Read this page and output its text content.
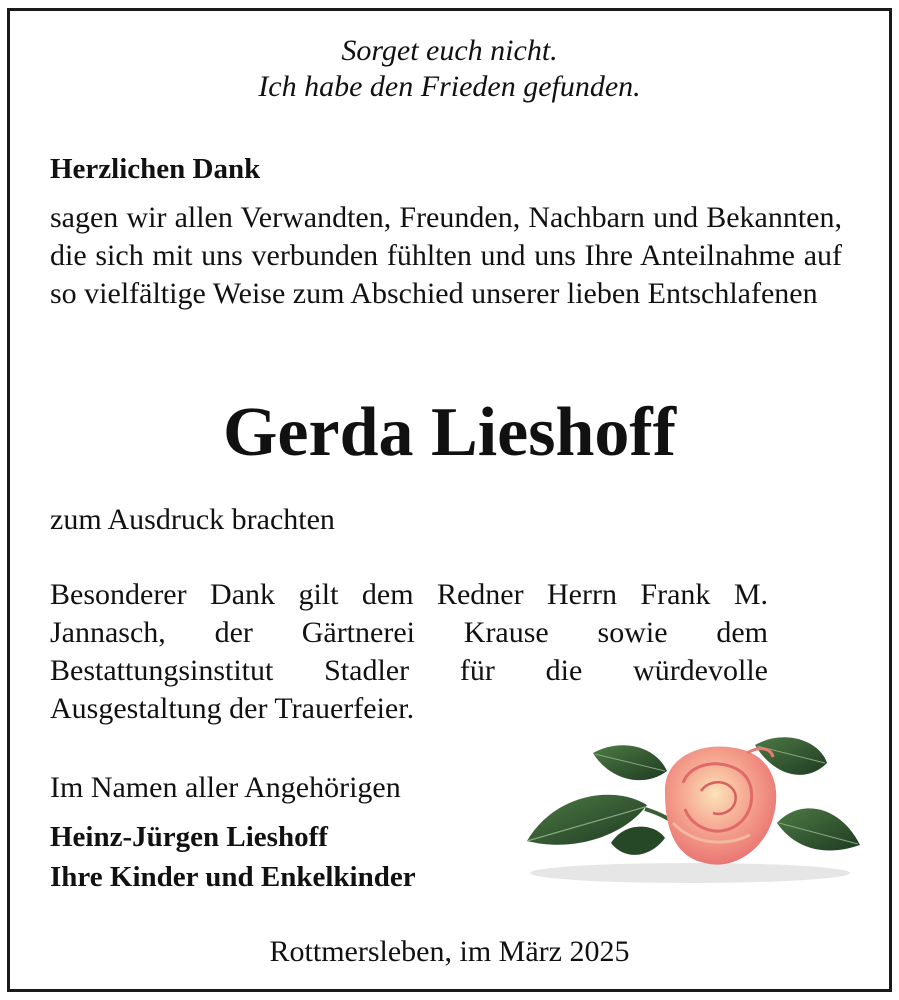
Sorget euch nicht.
Ich habe den Frieden gefunden.
Herzlichen Dank
sagen wir allen Verwandten, Freunden, Nachbarn und Bekannten, die sich mit uns verbunden fühlten und uns Ihre Anteilnahme auf so vielfältige Weise zum Abschied unserer lieben Entschlafenen
Gerda Lieshoff
zum Ausdruck brachten
Besonderer Dank gilt dem Redner Herrn Frank M. Jannasch, der Gärtnerei Krause sowie dem Bestattungsinstitut Stadler für die würdevolle Ausgestaltung der Trauerfeier.
Im Namen aller Angehörigen
Heinz-Jürgen Lieshoff
Ihre Kinder und Enkelkinder
Rottmersleben, im März 2025
